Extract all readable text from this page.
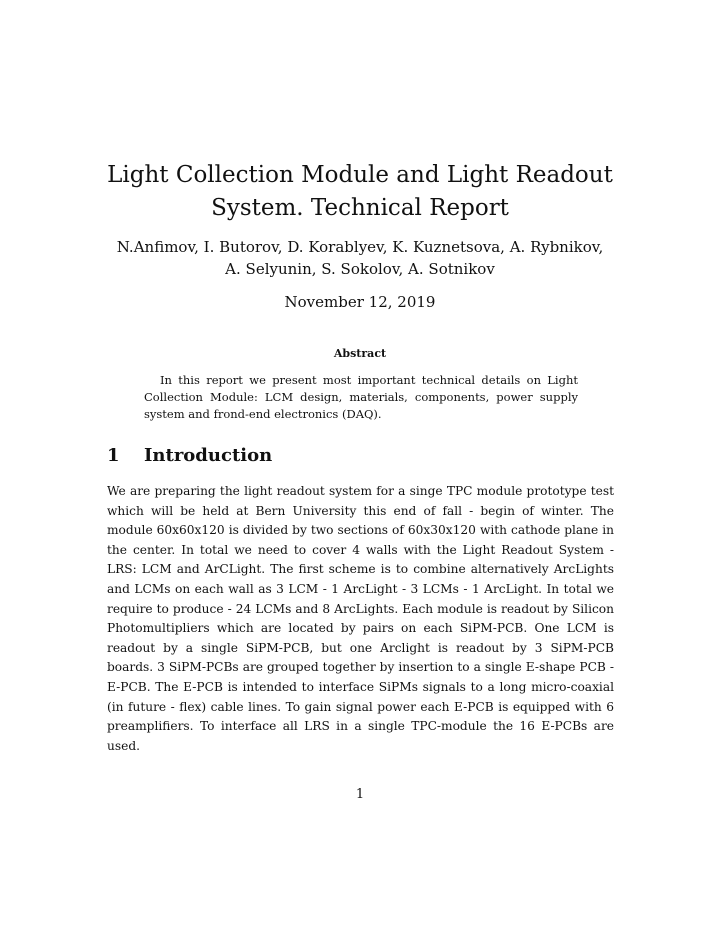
Light Collection Module and Light Readout
System. Technical Report

N.Anfimov, I. Butorov, D. Korablyev, K. Kuznetsova, A. Rybnikov,
A. Selyunin, S. Sokolov, A. Sotnikov

November 12, 2019

Abstract

In this report we present most important technical details on Light Collection Module: LCM design, materials, components, power supply system and frond-end electronics (DAQ).

1 Introduction

We are preparing the light readout system for a singe TPC module prototype test which will be held at Bern University this end of fall - begin of winter. The module 60x60x120 is divided by two sections of 60x30x120 with cathode plane in the center. In total we need to cover 4 walls with the Light Readout System - LRS: LCM and ArCLight. The first scheme is to combine alternatively ArcLights and LCMs on each wall as 3 LCM - 1 ArcLight - 3 LCMs - 1 ArcLight. In total we require to produce - 24 LCMs and 8 ArcLights. Each module is readout by Silicon Photomultipliers which are located by pairs on each SiPM-PCB. One LCM is readout by a single SiPM-PCB, but one Arclight is readout by 3 SiPM-PCB boards. 3 SiPM-PCBs are grouped together by insertion to a single E-shape PCB - E-PCB. The E-PCB is intended to interface SiPMs signals to a long micro-coaxial (in future - flex) cable lines. To gain signal power each E-PCB is equipped with 6 preamplifiers. To interface all LRS in a single TPC-module the 16 E-PCBs are used.

1
